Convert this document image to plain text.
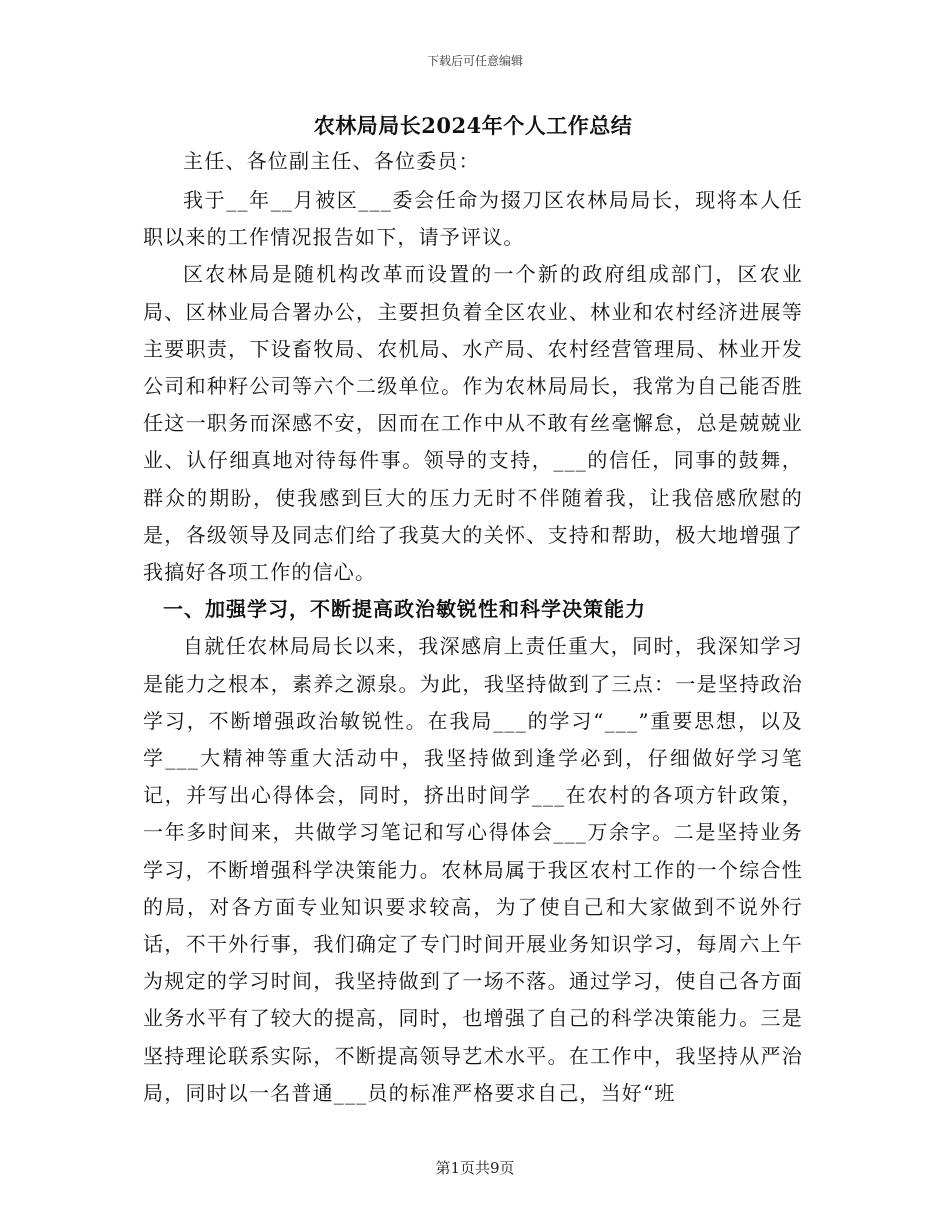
下载后可任意编辑
农林局局长2024年个人工作总结

主任、各位副主任、各位委员：

我于__年__月被区___委会任命为掇刀区农林局局长，现将本人任职以来的工作情况报告如下，请予评议。

区农林局是随机构改革而设置的一个新的政府组成部门，区农业局、区林业局合署办公，主要担负着全区农业、林业和农村经济进展等主要职责，下设畜牧局、农机局、水产局、农村经营管理局、林业开发公司和种籽公司等六个二级单位。作为农林局局长，我常为自己能否胜任这一职务而深感不安，因而在工作中从不敢有丝毫懈怠，总是兢兢业业、认仔细真地对待每件事。领导的支持，___的信任，同事的鼓舞，群众的期盼，使我感到巨大的压力无时不伴随着我，让我倍感欣慰的是，各级领导及同志们给了我莫大的关怀、支持和帮助，极大地增强了我搞好各项工作的信心。

一、加强学习，不断提高政治敏锐性和科学决策能力

自就任农林局局长以来，我深感肩上责任重大，同时，我深知学习是能力之根本，素养之源泉。为此，我坚持做到了三点：一是坚持政治学习，不断增强政治敏锐性。在我局___的学习“___”重要思想，以及学___大精神等重大活动中，我坚持做到逢学必到，仔细做好学习笔记，并写出心得体会，同时，挤出时间学___在农村的各项方针政策，一年多时间来，共做学习笔记和写心得体会___万余字。二是坚持业务学习，不断增强科学决策能力。农林局属于我区农村工作的一个综合性的局，对各方面专业知识要求较高，为了使自己和大家做到不说外行话，不干外行事，我们确定了专门时间开展业务知识学习，每周六上午为规定的学习时间，我坚持做到了一场不落。通过学习，使自己各方面业务水平有了较大的提高，同时，也增强了自己的科学决策能力。三是坚持理论联系实际，不断提高领导艺术水平。在工作中，我坚持从严治局，同时以一名普通___员的标准严格要求自己，当好“班

第1页共9页
